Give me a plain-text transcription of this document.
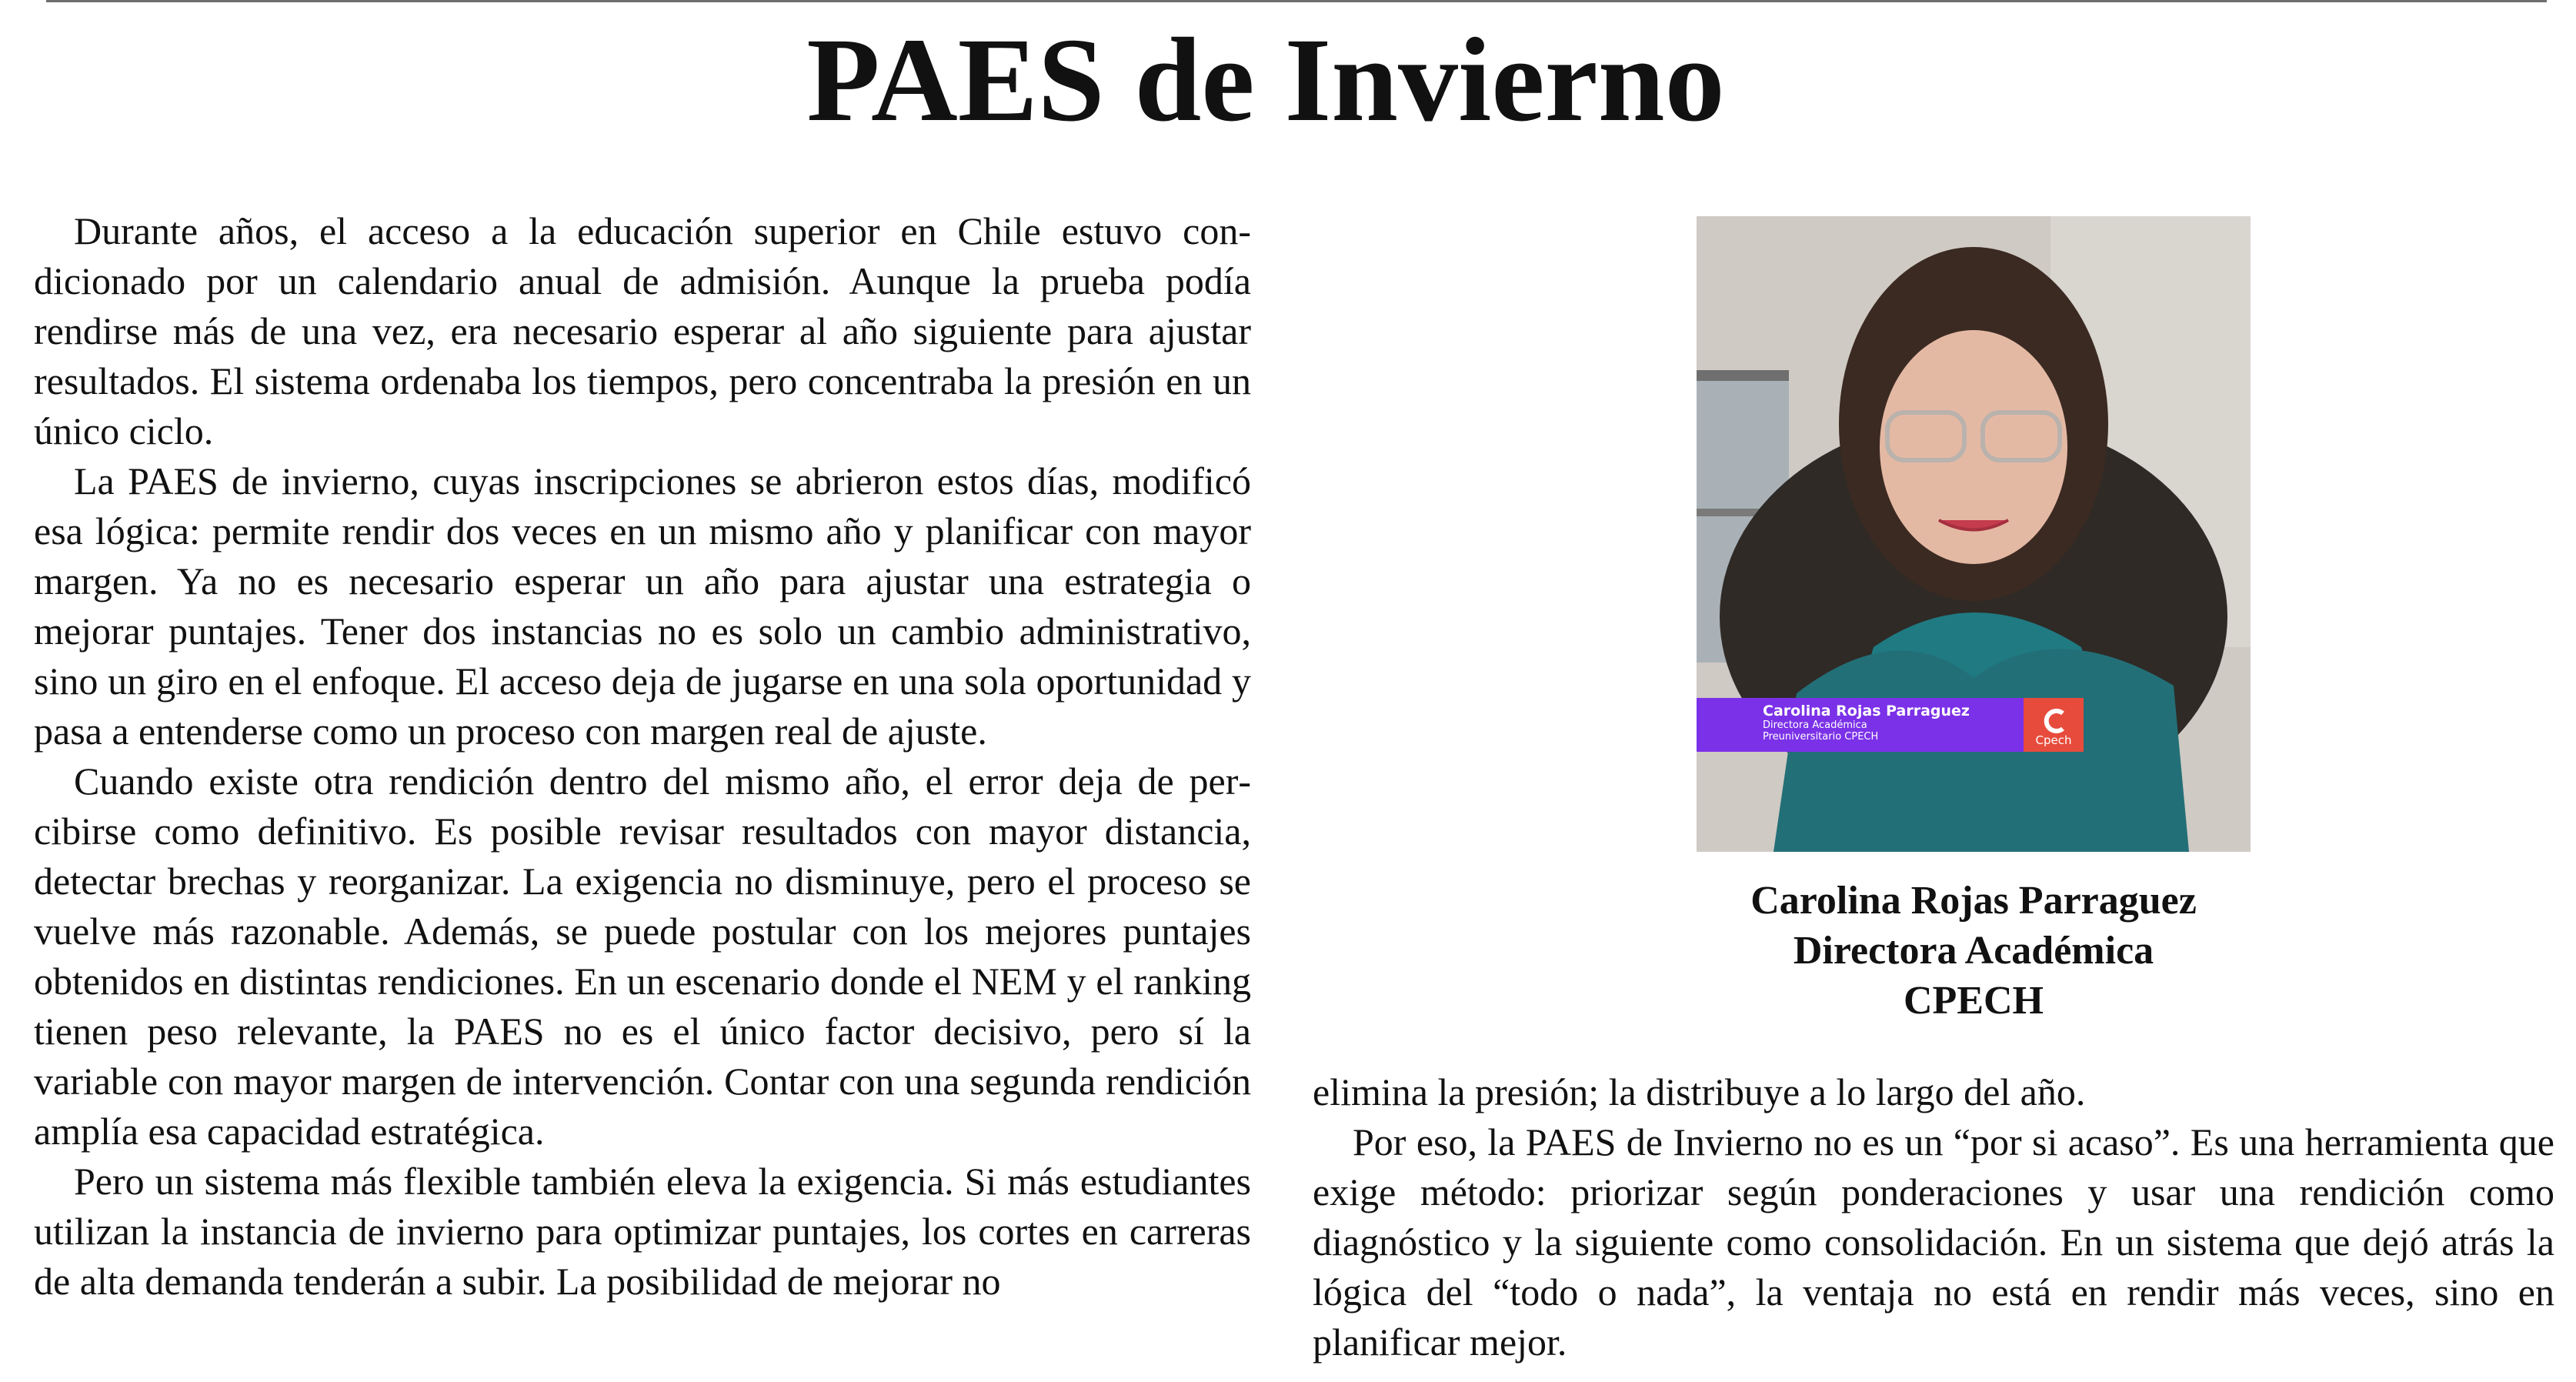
PAES de Invierno

Durante años, el acceso a la educación superior en Chile estuvo condicionado por un calendario anual de admisión. Aunque la prueba podía rendirse más de una vez, era necesario esperar al año siguiente para ajustar resultados. El sistema ordenaba los tiempos, pero concentraba la presión en un único ciclo.

La PAES de invierno, cuyas inscripciones se abrieron estos días, modificó esa lógica: permite rendir dos veces en un mismo año y planificar con mayor margen. Ya no es necesario esperar un año para ajustar una estrategia o mejorar puntajes. Tener dos instancias no es solo un cambio administrativo, sino un giro en el enfoque. El acceso deja de jugarse en una sola oportunidad y pasa a entenderse como un proceso con margen real de ajuste.

Cuando existe otra rendición dentro del mismo año, el error deja de percibirse como definitivo. Es posible revisar resultados con mayor distancia, detectar brechas y reorganizar. La exigencia no disminuye, pero el proceso se vuelve más razonable. Además, se puede postular con los mejores puntajes obtenidos en distintas rendiciones. En un escenario donde el NEM y el ranking tienen peso relevante, la PAES no es el único factor decisivo, pero sí la variable con mayor margen de intervención. Contar con una segunda rendición amplía esa capacidad estratégica.

Pero un sistema más flexible también eleva la exigencia. Si más estudiantes utilizan la instancia de invierno para optimizar puntajes, los cortes en carreras de alta demanda tenderán a subir. La posibilidad de mejorar no

Carolina Rojas Parraguez
Directora Académica
Preuniversitario CPECH	Cpech
Carolina Rojas Parraguez
Directora Académica
CPECH

elimina la presión; la distribuye a lo largo del año.

Por eso, la PAES de Invierno no es un “por si acaso”. Es una herramienta que exige método: priorizar según ponderaciones y usar una rendición como diagnóstico y la siguiente como consolidación. En un sistema que dejó atrás la lógica del “todo o nada”, la ventaja no está en rendir más veces, sino en planificar mejor.
